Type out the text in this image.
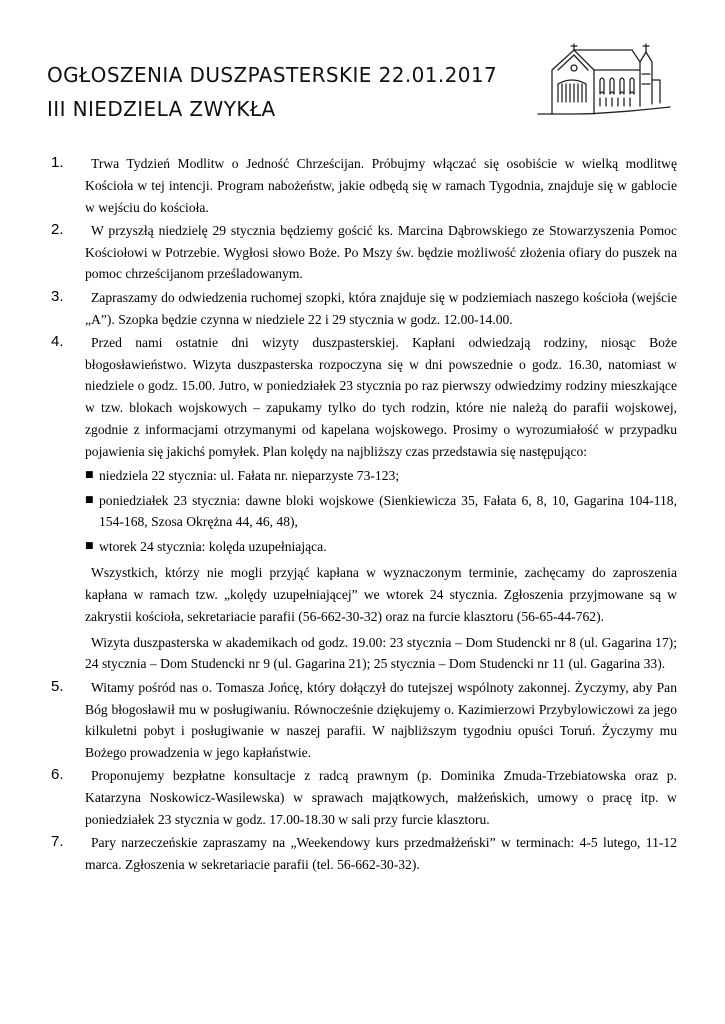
OGŁOSZENIA DUSZPASTERSKIE 22.01.2017
III NIEDZIELA ZWYKŁA
1.	Trwa Tydzień Modlitw o Jedność Chrześcijan. Próbujmy włączać się osobiście w wielką modlitwę Kościoła w tej intencji. Program nabożeństw, jakie odbędą się w ramach Tygodnia, znajduje się w gablocie w wejściu do kościoła.

2.	W przyszłą niedzielę 29 stycznia będziemy gościć ks. Marcina Dąbrowskiego ze Stowarzyszenia Pomoc Kościołowi w Potrzebie. Wygłosi słowo Boże. Po Mszy św. będzie możliwość złożenia ofiary do puszek na pomoc chrześcijanom prześladowanym.

3.	Zapraszamy do odwiedzenia ruchomej szopki, która znajduje się w podziemiach naszego kościoła (wejście „A”). Szopka będzie czynna w niedziele 22 i 29 stycznia w godz. 12.00-14.00.

4.	Przed nami ostatnie dni wizyty duszpasterskiej. Kapłani odwiedzają rodziny, niosąc Boże błogosławieństwo. Wizyta duszpasterska rozpoczyna się w dni powszednie o godz. 16.30, natomiast w niedziele o godz. 15.00. Jutro, w poniedziałek 23 stycznia po raz pierwszy odwiedzimy rodziny mieszkające w tzw. blokach wojskowych – zapukamy tylko do tych rodzin, które nie należą do parafii wojskowej, zgodnie z informacjami otrzymanymi od kapelana wojskowego. Prosimy o wyrozumiałość w przypadku pojawienia się jakichś pomyłek. Plan kolędy na najbliższy czas przedstawia się następująco:

■ niedziela 22 stycznia: ul. Fałata nr. nieparzyste 73-123;
■ poniedziałek 23 stycznia: dawne bloki wojskowe (Sienkiewicza 35, Fałata 6, 8, 10, Gagarina 104-118, 154-168, Szosa Okrężna 44, 46, 48),
■ wtorek 24 stycznia: kolęda uzupełniająca.

Wszystkich, którzy nie mogli przyjąć kapłana w wyznaczonym terminie, zachęcamy do zaproszenia kapłana w ramach tzw. „kolędy uzupełniającej” we wtorek 24 stycznia. Zgłoszenia przyjmowane są w zakrystii kościoła, sekretariacie parafii (56-662-30-32) oraz na furcie klasztoru (56-65-44-762).

Wizyta duszpasterska w akademikach od godz. 19.00: 23 stycznia – Dom Studencki nr 8 (ul. Gagarina 17); 24 stycznia – Dom Studencki nr 9 (ul. Gagarina 21); 25 stycznia – Dom Studencki nr 11 (ul. Gagarina 33).

5.	Witamy pośród nas o. Tomasza Jońcę, który dołączył do tutejszej wspólnoty zakonnej. Życzymy, aby Pan Bóg błogosławił mu w posługiwaniu. Równocześnie dziękujemy o. Kazimierzowi Przybylowiczowi za jego kilkuletni pobyt i posługiwanie w naszej parafii. W najbliższym tygodniu opuści Toruń. Życzymy mu Bożego prowadzenia w jego kapłaństwie.

6.	Proponujemy bezpłatne konsultacje z radcą prawnym (p. Dominika Zmuda-Trzebiatowska oraz p. Katarzyna Noskowicz-Wasilewska) w sprawach majątkowych, małżeńskich, umowy o pracę itp. w poniedziałek 23 stycznia w godz. 17.00-18.30 w sali przy furcie klasztoru.

7.	Pary narzeczeńskie zapraszamy na „Weekendowy kurs przedmałżeński” w terminach: 4-5 lutego, 11-12 marca. Zgłoszenia w sekretariacie parafii (tel. 56-662-30-32).
